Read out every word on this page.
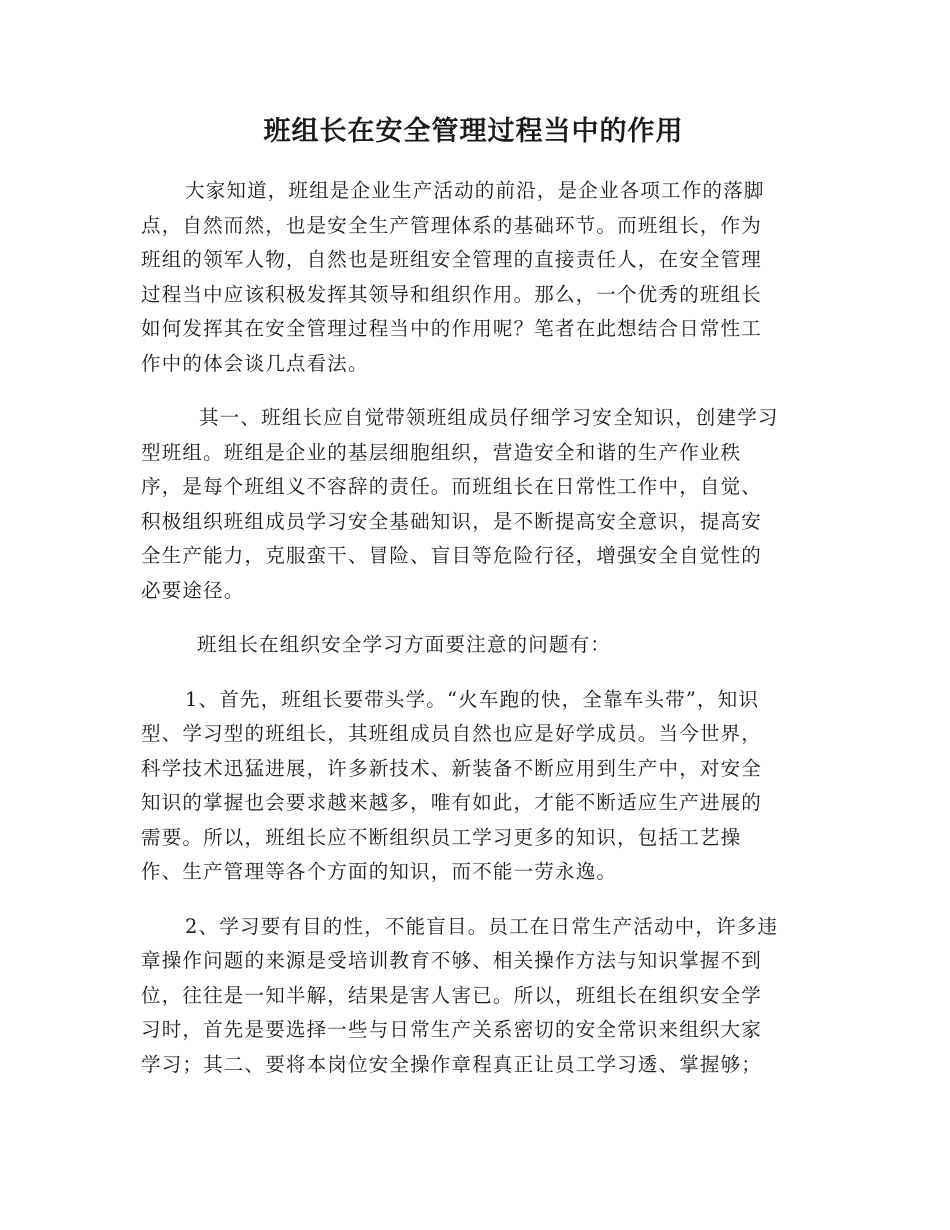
班组长在安全管理过程当中的作用
大家知道，班组是企业生产活动的前沿，是企业各项工作的落脚
点，自然而然，也是安全生产管理体系的基础环节。而班组长，作为
班组的领军人物，自然也是班组安全管理的直接责任人，在安全管理
过程当中应该积极发挥其领导和组织作用。那么，一个优秀的班组长
如何发挥其在安全管理过程当中的作用呢？笔者在此想结合日常性工
作中的体会谈几点看法。
其一、班组长应自觉带领班组成员仔细学习安全知识，创建学习
型班组。班组是企业的基层细胞组织，营造安全和谐的生产作业秩
序，是每个班组义不容辞的责任。而班组长在日常性工作中，自觉、
积极组织班组成员学习安全基础知识，是不断提高安全意识，提高安
全生产能力，克服蛮干、冒险、盲目等危险行径，增强安全自觉性的
必要途径。
班组长在组织安全学习方面要注意的问题有：
1、首先，班组长要带头学。“火车跑的快，全靠车头带”，知识
型、学习型的班组长，其班组成员自然也应是好学成员。当今世界，
科学技术迅猛进展，许多新技术、新装备不断应用到生产中，对安全
知识的掌握也会要求越来越多，唯有如此，才能不断适应生产进展的
需要。所以，班组长应不断组织员工学习更多的知识，包括工艺操
作、生产管理等各个方面的知识，而不能一劳永逸。
2、学习要有目的性，不能盲目。员工在日常生产活动中，许多违
章操作问题的来源是受培训教育不够、相关操作方法与知识掌握不到
位，往往是一知半解，结果是害人害已。所以，班组长在组织安全学
习时，首先是要选择一些与日常生产关系密切的安全常识来组织大家
学习；其二、要将本岗位安全操作章程真正让员工学习透、掌握够；
